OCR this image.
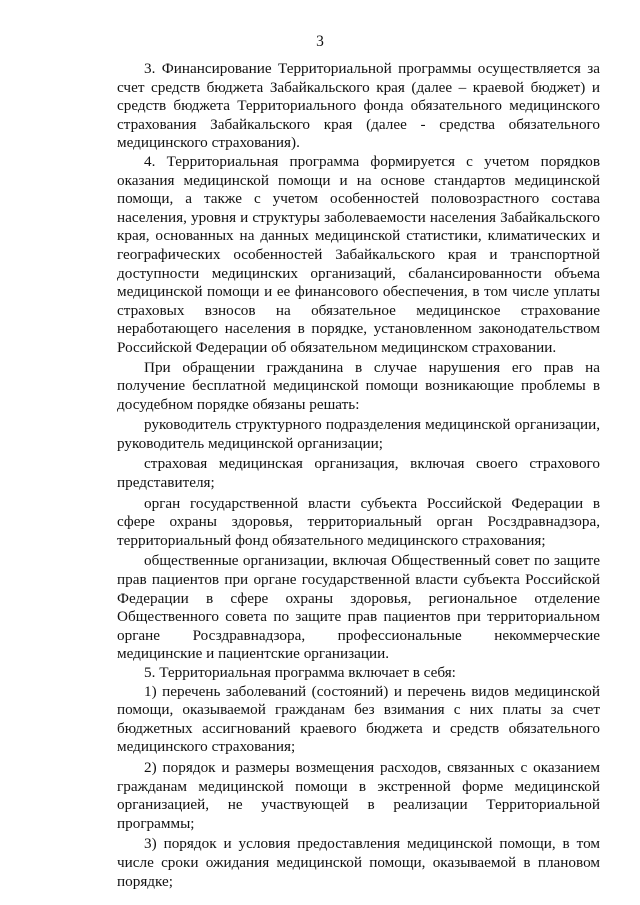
3

3. Финансирование Территориальной программы осуществляется за счет средств бюджета Забайкальского края (далее – краевой бюджет) и средств бюджета Территориального фонда обязательного медицинского страхования Забайкальского края (далее - средства обязательного медицинского страхования).

4. Территориальная программа формируется с учетом порядков оказания медицинской помощи и на основе стандартов медицинской помощи, а также с учетом особенностей половозрастного состава населения, уровня и структуры заболеваемости населения Забайкальского края, основанных на данных медицинской статистики, климатических и географических особенностей Забайкальского края и транспортной доступности медицинских организаций, сбалансированности объема медицинской помощи и ее финансового обеспечения, в том числе уплаты страховых взносов на обязательное медицинское страхование неработающего населения в порядке, установленном законодательством Российской Федерации об обязательном медицинском страховании.

При обращении гражданина в случае нарушения его прав на получение бесплатной медицинской помощи возникающие проблемы в досудебном порядке обязаны решать:

руководитель структурного подразделения медицинской организации, руководитель медицинской организации;

страховая медицинская организация, включая своего страхового представителя;

орган государственной власти субъекта Российской Федерации в сфере охраны здоровья, территориальный орган Росздравнадзора, территориальный фонд обязательного медицинского страхования;

общественные организации, включая Общественный совет по защите прав пациентов при органе государственной власти субъекта Российской Федерации в сфере охраны здоровья, региональное отделение Общественного совета по защите прав пациентов при территориальном органе Росздравнадзора, профессиональные некоммерческие медицинские и пациентские организации.

5. Территориальная программа включает в себя:

1) перечень заболеваний (состояний) и перечень видов медицинской помощи, оказываемой гражданам без взимания с них платы за счет бюджетных ассигнований краевого бюджета и средств обязательного медицинского страхования;

2) порядок и размеры возмещения расходов, связанных с оказанием гражданам медицинской помощи в экстренной форме медицинской организацией, не участвующей в реализации Территориальной программы;

3) порядок и условия предоставления медицинской помощи, в том числе сроки ожидания медицинской помощи, оказываемой в плановом порядке;
